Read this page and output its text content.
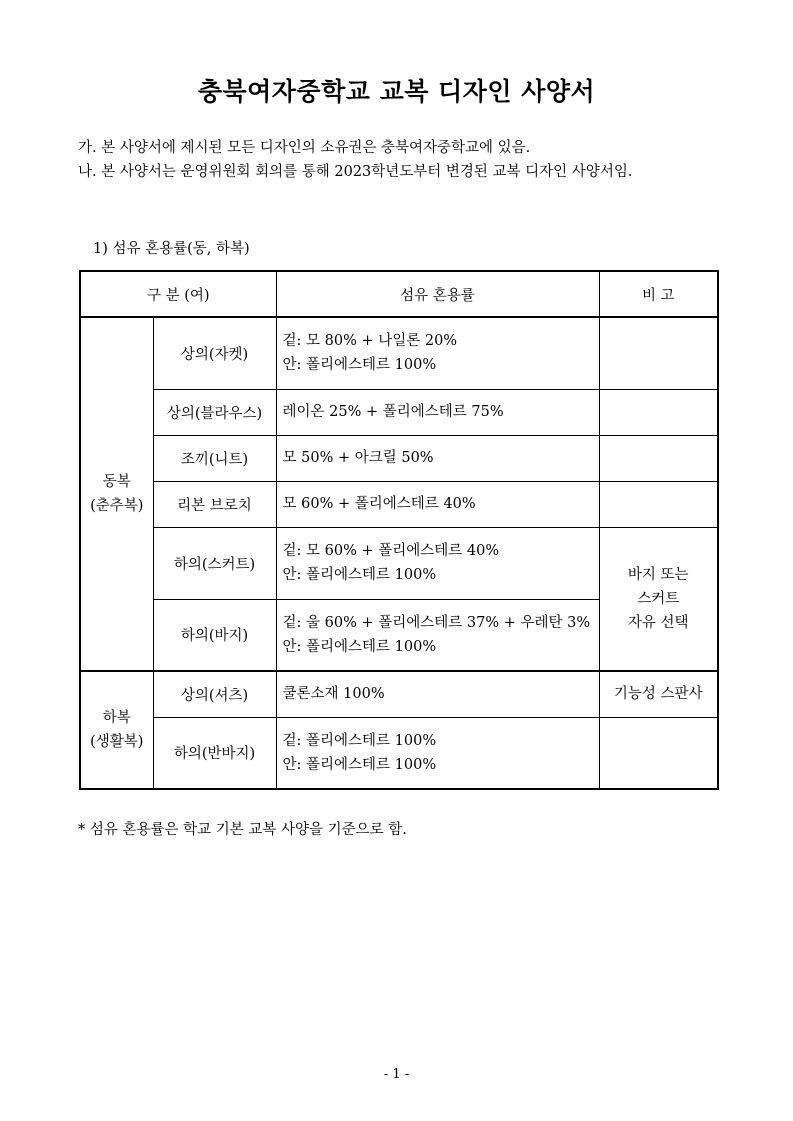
충북여자중학교 교복 디자인 사양서
가. 본 사양서에 제시된 모든 디자인의 소유권은 충북여자중학교에 있음.
나. 본 사양서는 운영위원회 회의를 통해 2023학년도부터 변경된 교복 디자인 사양서임.
1) 섬유 혼용률(동, 하복)
구 분 (여)		섬유 혼용률	비 고
동복
(춘추복)	상의(자켓)	겉: 모 80% + 나일론 20%
안: 폴리에스테르 100%	
	상의(블라우스)	레이온 25% + 폴리에스테르 75%	
	조끼(니트)	모 50% + 아크릴 50%	
	리본 브로치	모 60% + 폴리에스테르 40%	
	하의(스커트)	겉: 모 60% + 폴리에스테르 40%
안: 폴리에스테르 100%	바지 또는
스커트
자유 선택
	하의(바지)	겉: 울 60% + 폴리에스테르 37% + 우레탄 3%
안: 폴리에스테르 100%	
하복
(생활복)	상의(셔츠)	쿨론소재 100%	기능성 스판사
	하의(반바지)	겉: 폴리에스테르 100%
안: 폴리에스테르 100%	
* 섬유 혼용률은 학교 기본 교복 사양을 기준으로 함.
- 1 -
